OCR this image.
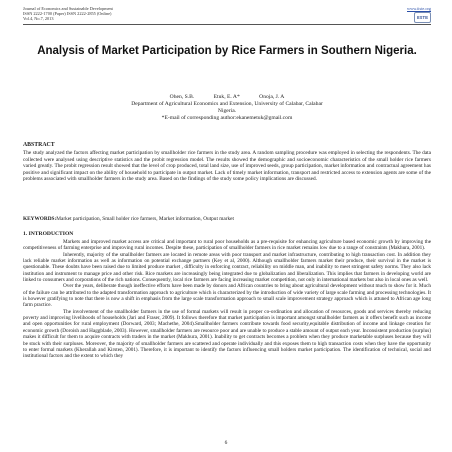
Journal of Economics and Sustainable Development	www.iiste.org
ISSN 2222-1700 (Paper) ISSN 2222-2855 (Online)
Vol.4, No.7, 2013	IISTE
Analysis of Market Participation by Rice Farmers in Southern Nigeria.
Ohen, S.B.	Etuk, E. A*	Onoja, J. A
Department of Agricultural Economics and Extension, University of Calabar, Calabar
Nigeria.
*E-mail of corresponding author:ekanemetuk@gmail.com
ABSTRACT
The study analyzed the factors affecting market participation by smallholder rice farmers in the study area. A random sampling procedure was employed in selecting the respondents. The data collected were analysed using descriptive statistics and the probit regression model. The results showed the demographic and socioeconomic characteristics of the small holder rice farmers varied greatly. The probit regression result showed that the level of crop produced, total land size, use of improved seeds, group participation, market information and contractual agreement has positive and significant impact on the ability of household to participate in output market. Lack of timely market information, transport and restricted access to extension agents are some of the problems associated with smallholder farmers in the study area. Based on the findings of the study some policy implications are discussed.
KEYWORDS:Market participation, Small holder rice farmers, Market information, Output market
1. INTRODUCTION

Markets and improved market access are critical and important to rural poor households as a pre-requisite for enhancing agriculture based economic growth by improving the competitiveness of farming enterprise and improving rural incomes. Despite these, participation of smallholder farmers in rice market remains low due to a range of constraints (Makhura, 2001).

Inherently, majority of the smallholder farmers are located in remote areas with poor transport and market infrastructure, contributing to high transaction cost. In addition they lack reliable market information as well as information on potential exchange partners (Key et al, 2000). Although smallholder farmers market their produce, their survival in the market is questionable. These doubts have been raised due to limited produce market , difficulty in enforcing contract, reliability on middle man, and inability to meet stringent safety norms. They also lack institution and instrument to manage price and other risk. Rice markets are increasingly being integrated due to globalization and liberalization. This implies that farmers in developing world are linked to consumers and corporations of the rich nations. Consequently, local rice farmers are facing increasing market competition, not only in international markets but also in local ones as well.

Over the years, deliberate though ineffective efforts have been made by donors and African countries to bring about agricultural development without much to show for it. Much of the failure can be attributed to the adapted transformation approach to agriculture which is characterized by the introduction of wide variety of large scale farming and processing technologies. It is however gratifying to note that there is now a shift in emphasis from the large scale transformation approach to small scale improvement strategy approach which is attuned to African age long farm practice.

The involvement of the smallholder farmers in the use of formal markets will result in proper co-ordination and allocation of resources, goods and services thereby reducing poverty and improving livelihoods of households (Jari and Fraser, 2009). It follows therefore that market participation is important amongst smallholder farmers as it offers benefit such as income and open opportunities for rural employment (Dorward, 2003; Machethe, 2004).Smallholder farmers contribute towards food security,equitable distribution of income and linkage creation for economic growth (Doroish and Haggblade, 2003). However, smallholder farmers are resource poor and are unable to produce a stable amount of output each year. Inconsistent production (surplus) makes it difficult for them to acquire contracts with traders in the market (Makhura, 2001). Inability to get contracts becomes a problem when they produce marketable surpluses because they will be stuck with their surpluses. Moreover, the majority of smallholder farmers are scattered and operate individually and this exposes them to high transaction costs when they have the opportunity to enter formal markets (Kherallah and Kirsten, 2001). Therefore, it is important to identify the factors influencing small holders market participation. The identification of technical, social and institutional factors and the extent to which they

6
